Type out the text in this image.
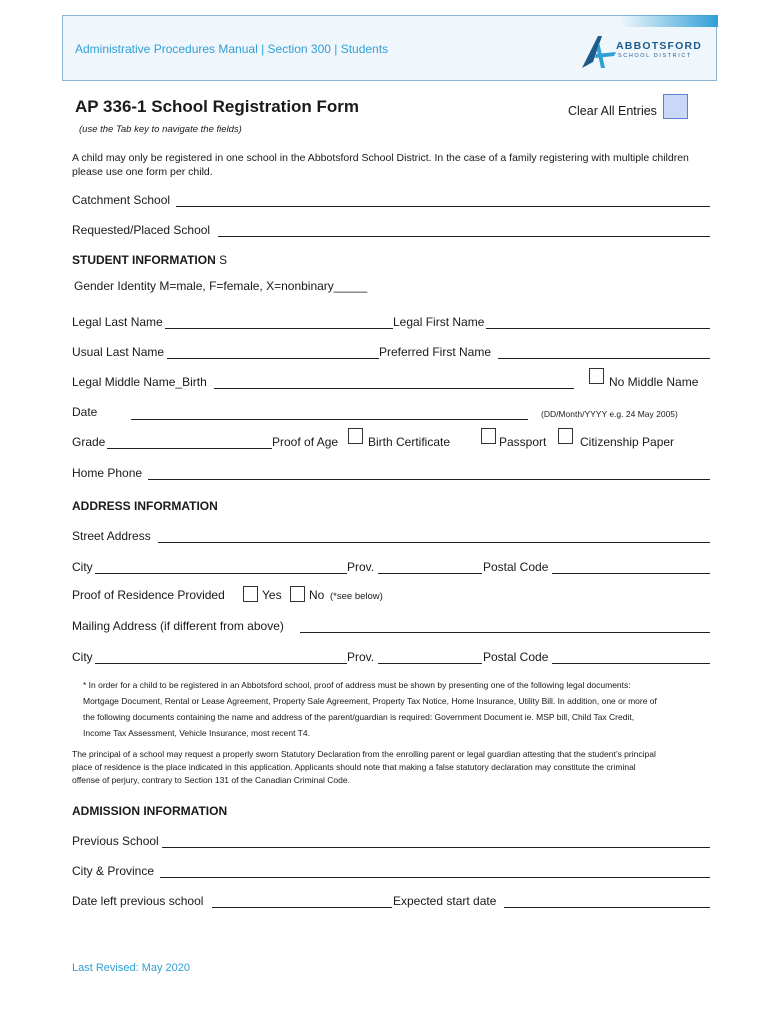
Administrative Procedures Manual | Section 300 | Students	ABBOTSFORD
SCHOOL DISTRICT
AP 336-1 School Registration Form
(use the Tab key to navigate the fields)
Clear All Entries
A child may only be registered in one school in the Abbotsford School District. In the case of a family registering with multiple children please use one form per child.
Catchment School
Requested/Placed School
STUDENT INFORMATION S
Gender Identity M=male, F=female, X=nonbinary_____
Legal Last Name	Legal First Name
Usual Last Name	Preferred First Name
Legal Middle Name_Birth	No Middle Name
Date	(DD/Month/YYYY e.g. 24 May 2005)
Grade	Proof of Age Birth Certificate	Passport	Citizenship Paper
Home Phone
ADDRESS INFORMATION
Street Address
City	Prov.	Postal Code
Proof of Residence Provided	Yes No (*see below)
Mailing Address (if different from above)
City	Prov.	Postal Code
* In order for a child to be registered in an Abbotsford school, proof of address must be shown by presenting one of the following legal documents:
Mortgage Document, Rental or Lease Agreement, Property Sale Agreement, Property Tax Notice, Home Insurance, Utility Bill. In addition, one or more of
the following documents containing the name and address of the parent/guardian is required: Government Document ie. MSP bill, Child Tax Credit,
Income Tax Assessment, Vehicle Insurance, most recent T4.
The principal of a school may request a properly sworn Statutory Declaration from the enrolling parent or legal guardian attesting that the student’s principal
place of residence is the place indicated in this application. Applicants should note that making a false statutory declaration may constitute the criminal
offense of perjury, contrary to Section 131 of the Canadian Criminal Code.
ADMISSION INFORMATION
Previous School
City & Province
Date left previous school	Expected start date
Last Revised: May 2020
